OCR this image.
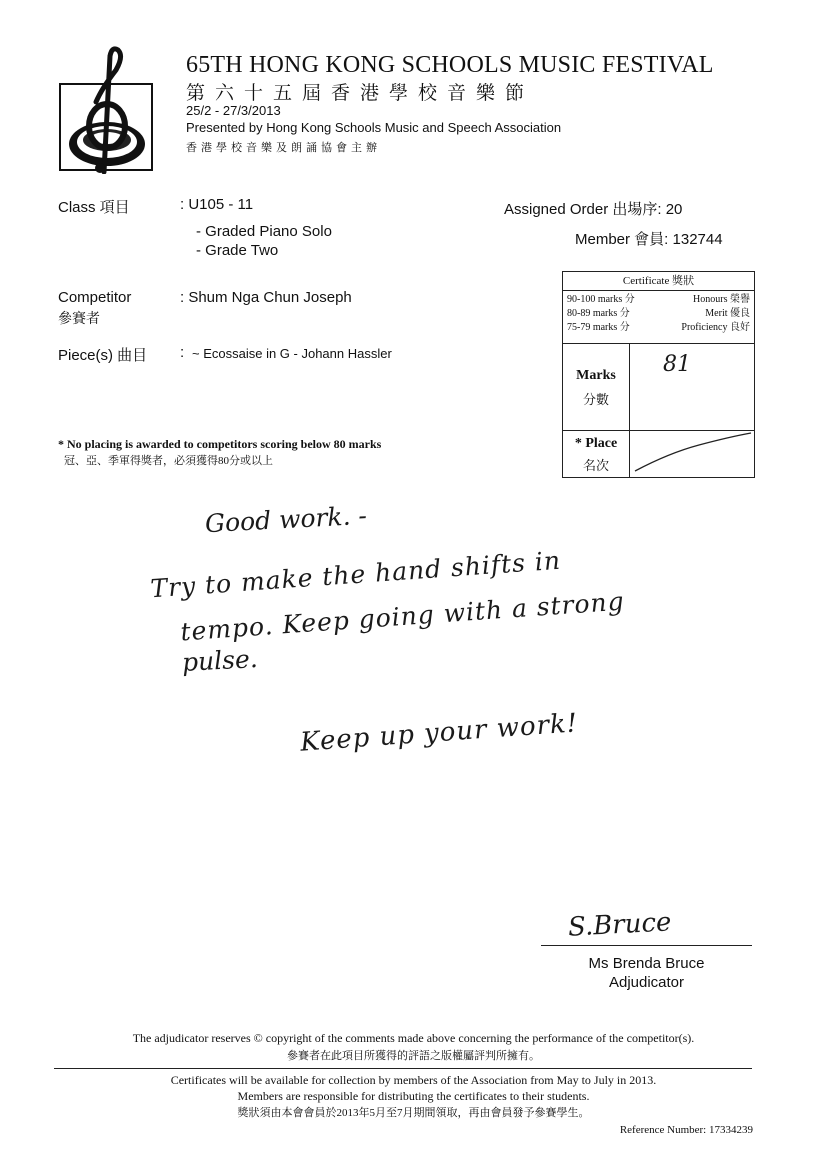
65TH HONG KONG SCHOOLS MUSIC FESTIVAL
第六十五屆香港學校音樂節
25/2 - 27/3/2013
Presented by Hong Kong Schools Music and Speech Association
香港學校音樂及朗誦協會主辦
Class 項目	: U105 - 11
- Graded Piano Solo
- Grade Two
Assigned Order 出場序: 20
Member 會員: 132744
Competitor
參賽者
: Shum Nga Chun Joseph
Piece(s) 曲目 : ~ Ecossaise in G - Johann Hassler
Certificate 獎狀
90-100 marks 分	Honours 榮譽
80-89 marks 分	Merit 優良
75-79 marks 分	Proficiency 良好
Marks
分數
81
* Place
名次
* No placing is awarded to competitors scoring below 80 marks
冠、亞、季軍得獎者，必須獲得80分或以上
Good work. -
Try to make the hand shifts in
tempo. Keep going with a strong
pulse.
Keep up your work!
S.Bruce
Ms Brenda Bruce
Adjudicator
The adjudicator reserves © copyright of the comments made above concerning the performance of the competitor(s).
參賽者在此項目所獲得的評語之版權屬評判所擁有。
Certificates will be available for collection by members of the Association from May to July in 2013.
Members are responsible for distributing the certificates to their students.
獎狀須由本會會員於2013年5月至7月期間領取，再由會員發予參賽學生。
Reference Number: 17334239
